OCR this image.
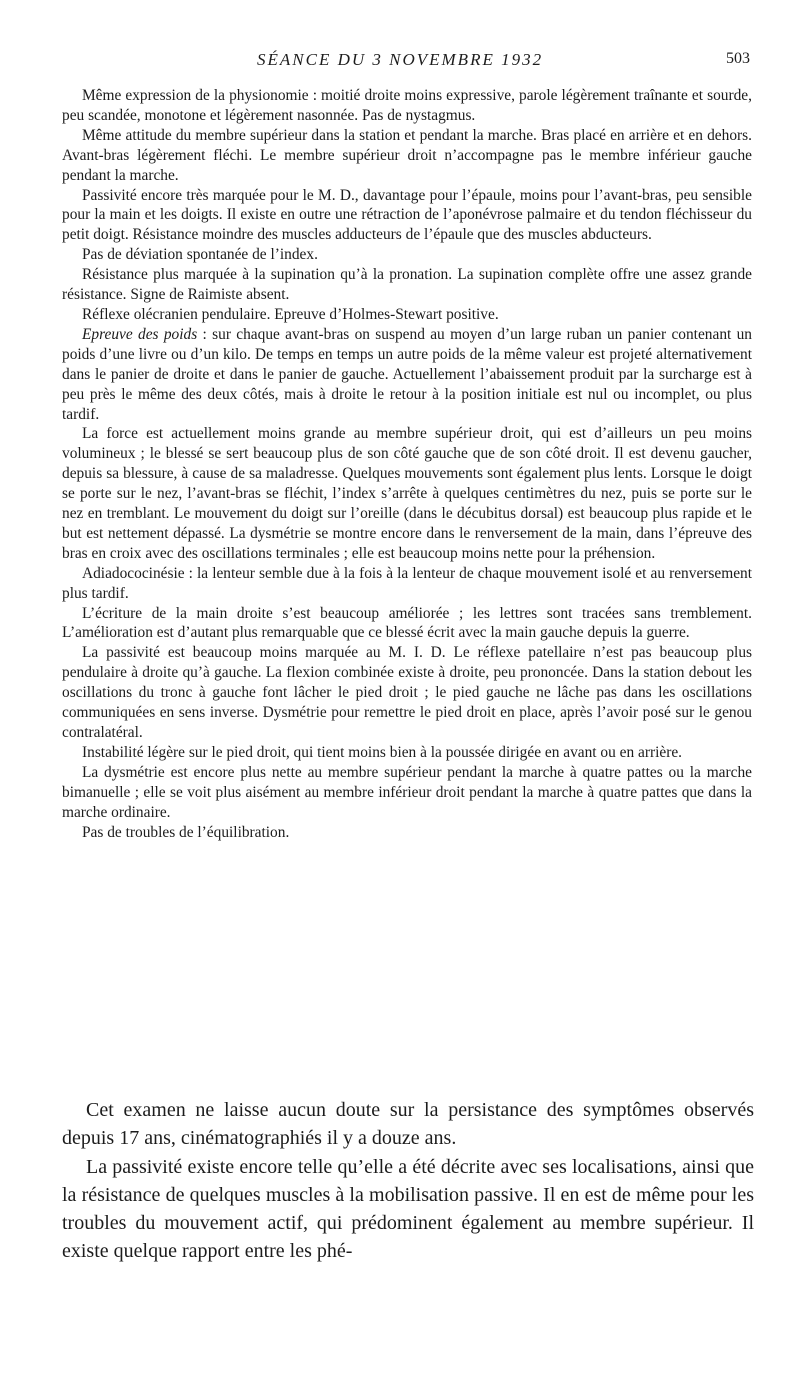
SÉANCE DU 3 NOVEMBRE 1932	503

Même expression de la physionomie : moitié droite moins expressive, parole légèrement traînante et sourde, peu scandée, monotone et légèrement nasonnée. Pas de nystagmus.

Même attitude du membre supérieur dans la station et pendant la marche. Bras placé en arrière et en dehors. Avant-bras légèrement fléchi. Le membre supérieur droit n’accompagne pas le membre inférieur gauche pendant la marche.

Passivité encore très marquée pour le M. D., davantage pour l’épaule, moins pour l’avant-bras, peu sensible pour la main et les doigts. Il existe en outre une rétraction de l’aponévrose palmaire et du tendon fléchisseur du petit doigt. Résistance moindre des muscles adducteurs de l’épaule que des muscles abducteurs.

Pas de déviation spontanée de l’index.

Résistance plus marquée à la supination qu’à la pronation. La supination complète offre une assez grande résistance. Signe de Raimiste absent.

Réflexe olécranien pendulaire. Epreuve d’Holmes-Stewart positive.

Epreuve des poids : sur chaque avant-bras on suspend au moyen d’un large ruban un panier contenant un poids d’une livre ou d’un kilo. De temps en temps un autre poids de la même valeur est projeté alternativement dans le panier de droite et dans le panier de gauche. Actuellement l’abaissement produit par la surcharge est à peu près le même des deux côtés, mais à droite le retour à la position initiale est nul ou incomplet, ou plus tardif.

La force est actuellement moins grande au membre supérieur droit, qui est d’ailleurs un peu moins volumineux ; le blessé se sert beaucoup plus de son côté gauche que de son côté droit. Il est devenu gaucher, depuis sa blessure, à cause de sa maladresse. Quelques mouvements sont également plus lents. Lorsque le doigt se porte sur le nez, l’avant-bras se fléchit, l’index s’arrête à quelques centimètres du nez, puis se porte sur le nez en tremblant. Le mouvement du doigt sur l’oreille (dans le décubitus dorsal) est beaucoup plus rapide et le but est nettement dépassé. La dysmétrie se montre encore dans le renversement de la main, dans l’épreuve des bras en croix avec des oscillations terminales ; elle est beaucoup moins nette pour la préhension.

Adiadococinésie : la lenteur semble due à la fois à la lenteur de chaque mouvement isolé et au renversement plus tardif.

L’écriture de la main droite s’est beaucoup améliorée ; les lettres sont tracées sans tremblement. L’amélioration est d’autant plus remarquable que ce blessé écrit avec la main gauche depuis la guerre.

La passivité est beaucoup moins marquée au M. I. D. Le réflexe patellaire n’est pas beaucoup plus pendulaire à droite qu’à gauche. La flexion combinée existe à droite, peu prononcée. Dans la station debout les oscillations du tronc à gauche font lâcher le pied droit ; le pied gauche ne lâche pas dans les oscillations communiquées en sens inverse. Dysmétrie pour remettre le pied droit en place, après l’avoir posé sur le genou contralatéral.

Instabilité légère sur le pied droit, qui tient moins bien à la poussée dirigée en avant ou en arrière.

La dysmétrie est encore plus nette au membre supérieur pendant la marche à quatre pattes ou la marche bimanuelle ; elle se voit plus aisément au membre inférieur droit pendant la marche à quatre pattes que dans la marche ordinaire.

Pas de troubles de l’équilibration.

Cet examen ne laisse aucun doute sur la persistance des symptômes observés depuis 17 ans, cinématographiés il y a douze ans.

La passivité existe encore telle qu’elle a été décrite avec ses localisations, ainsi que la résistance de quelques muscles à la mobilisation passive. Il en est de même pour les troubles du mouvement actif, qui prédominent également au membre supérieur. Il existe quelque rapport entre les phé-
